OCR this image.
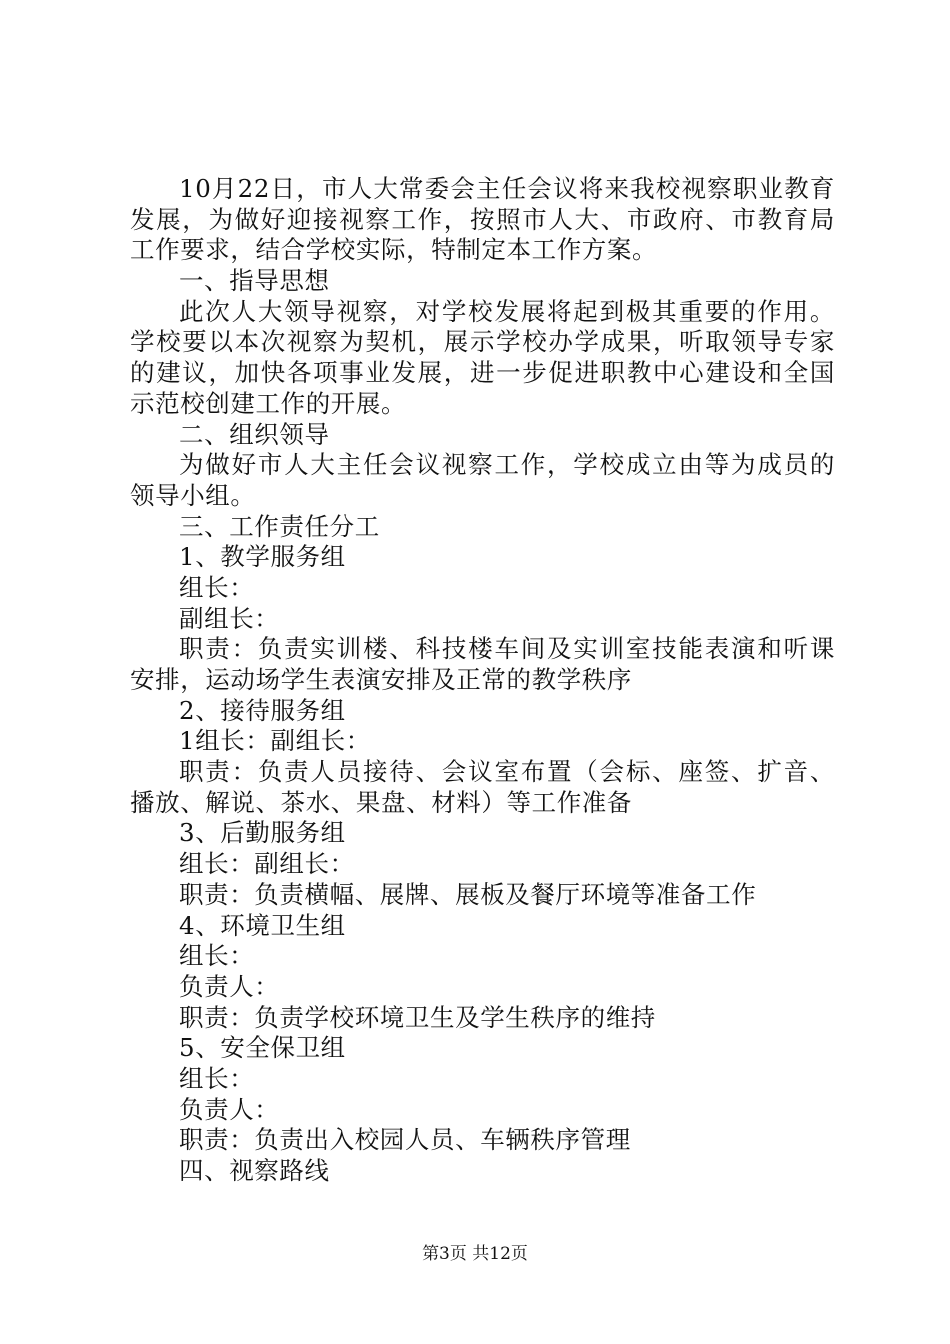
10月22日，市人大常委会主任会议将来我校视察职业教育
发展，为做好迎接视察工作，按照市人大、市政府、市教育局
工作要求，结合学校实际，特制定本工作方案。
一、指导思想
此次人大领导视察，对学校发展将起到极其重要的作用。
学校要以本次视察为契机，展示学校办学成果，听取领导专家
的建议，加快各项事业发展，进一步促进职教中心建设和全国
示范校创建工作的开展。
二、组织领导
为做好市人大主任会议视察工作，学校成立由等为成员的
领导小组。
三、工作责任分工
1、教学服务组
组长：
副组长：
职责：负责实训楼、科技楼车间及实训室技能表演和听课
安排，运动场学生表演安排及正常的教学秩序
2、接待服务组
1组长：副组长：
职责：负责人员接待、会议室布置（会标、座签、扩音、
播放、解说、茶水、果盘、材料）等工作准备
3、后勤服务组
组长：副组长：
职责：负责横幅、展牌、展板及餐厅环境等准备工作
4、环境卫生组
组长：
负责人：
职责：负责学校环境卫生及学生秩序的维持
5、安全保卫组
组长：
负责人：
职责：负责出入校园人员、车辆秩序管理
四、视察路线
第3页 共12页
